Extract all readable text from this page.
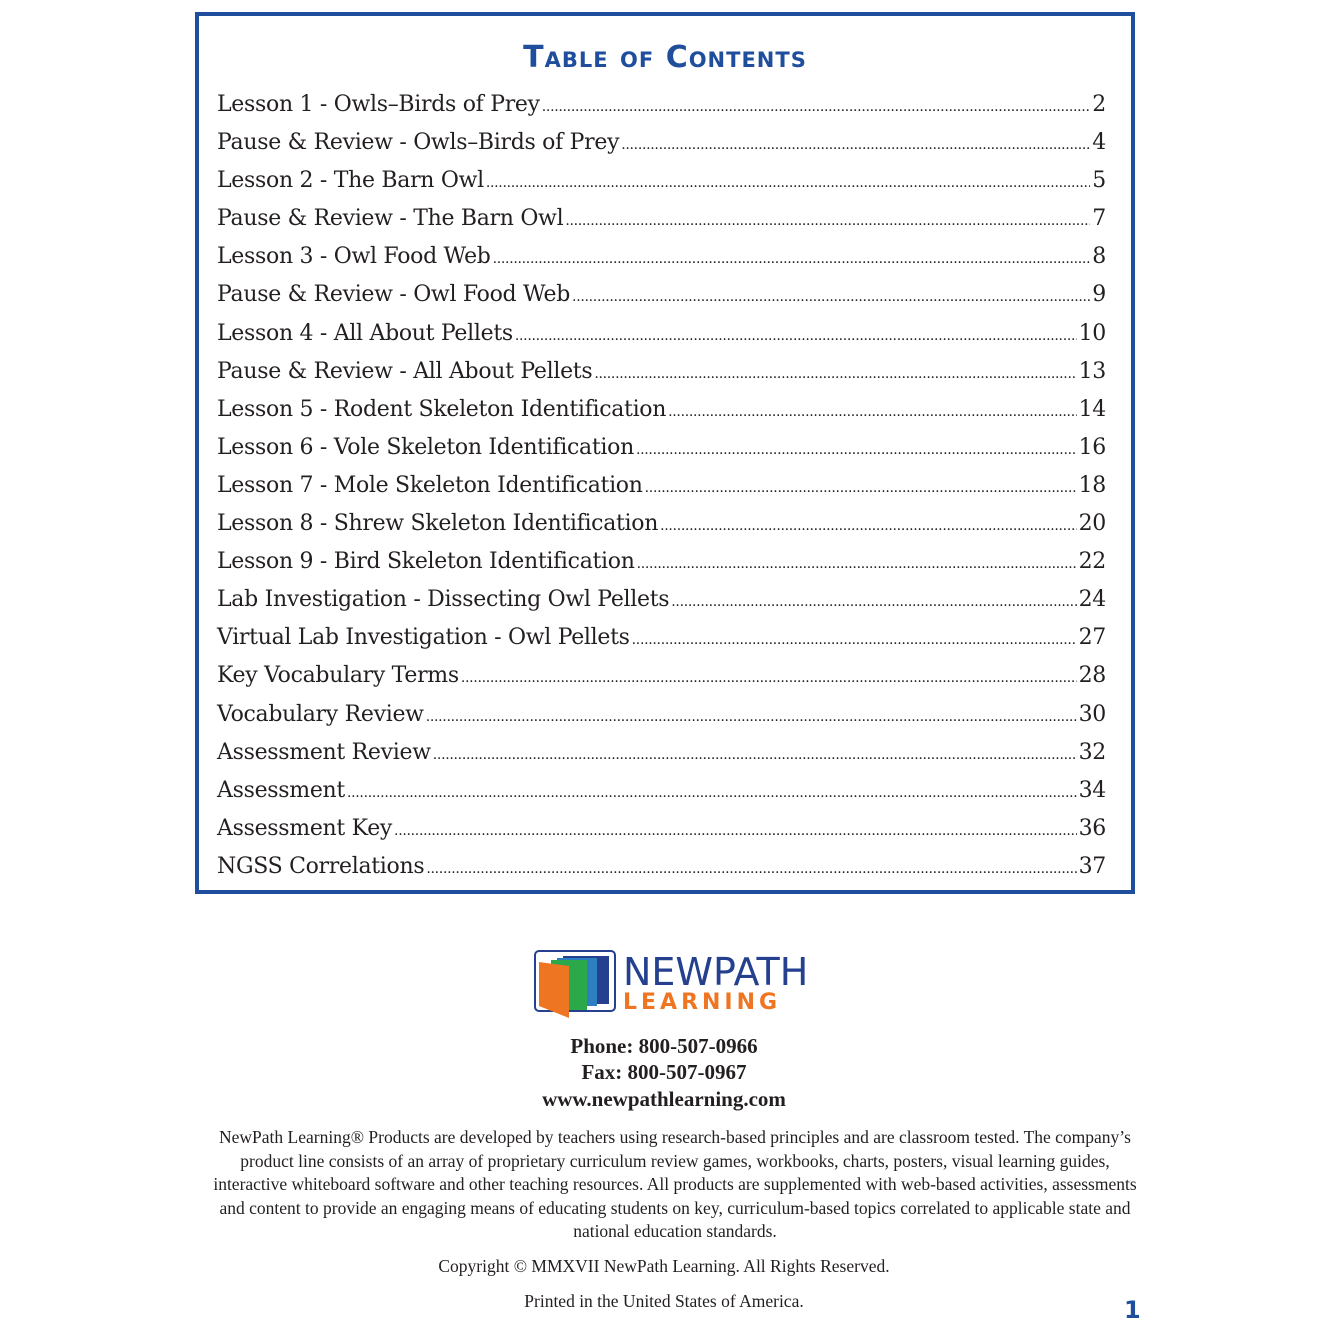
Table of Contents
Lesson 1 - Owls–Birds of Prey .....	2
Pause & Review - Owls–Birds of Prey .....	4
Lesson 2 - The Barn Owl .....	5
Pause & Review - The Barn Owl .....	7
Lesson 3 - Owl Food Web .....	8
Pause & Review - Owl Food Web .....	9
Lesson 4 - All About Pellets .....	10
Pause & Review - All About Pellets .....	13
Lesson 5 - Rodent Skeleton Identification .....	14
Lesson 6 - Vole Skeleton Identification .....	16
Lesson 7 - Mole Skeleton Identification .....	18
Lesson 8 - Shrew Skeleton Identification .....	20
Lesson 9 - Bird Skeleton Identification .....	22
Lab Investigation - Dissecting Owl Pellets .....	24
Virtual Lab Investigation - Owl Pellets .....	27
Key Vocabulary Terms .....	28
Vocabulary Review .....	30
Assessment Review .....	32
Assessment .....	34
Assessment Key .....	36
NGSS Correlations .....	37
NEWPATH
LEARNING
Phone: 800-507-0966
Fax: 800-507-0967
www.newpathlearning.com
NewPath Learning® Products are developed by teachers using research-based principles and are classroom tested. The company’s product line consists of an array of proprietary curriculum review games, workbooks, charts, posters, visual learning guides, interactive whiteboard software and other teaching resources. All products are supplemented with web-based activities, assessments and content to provide an engaging means of educating students on key, curriculum-based topics correlated to applicable state and national education standards.
Copyright © MMXVII NewPath Learning. All Rights Reserved.
Printed in the United States of America.	1
